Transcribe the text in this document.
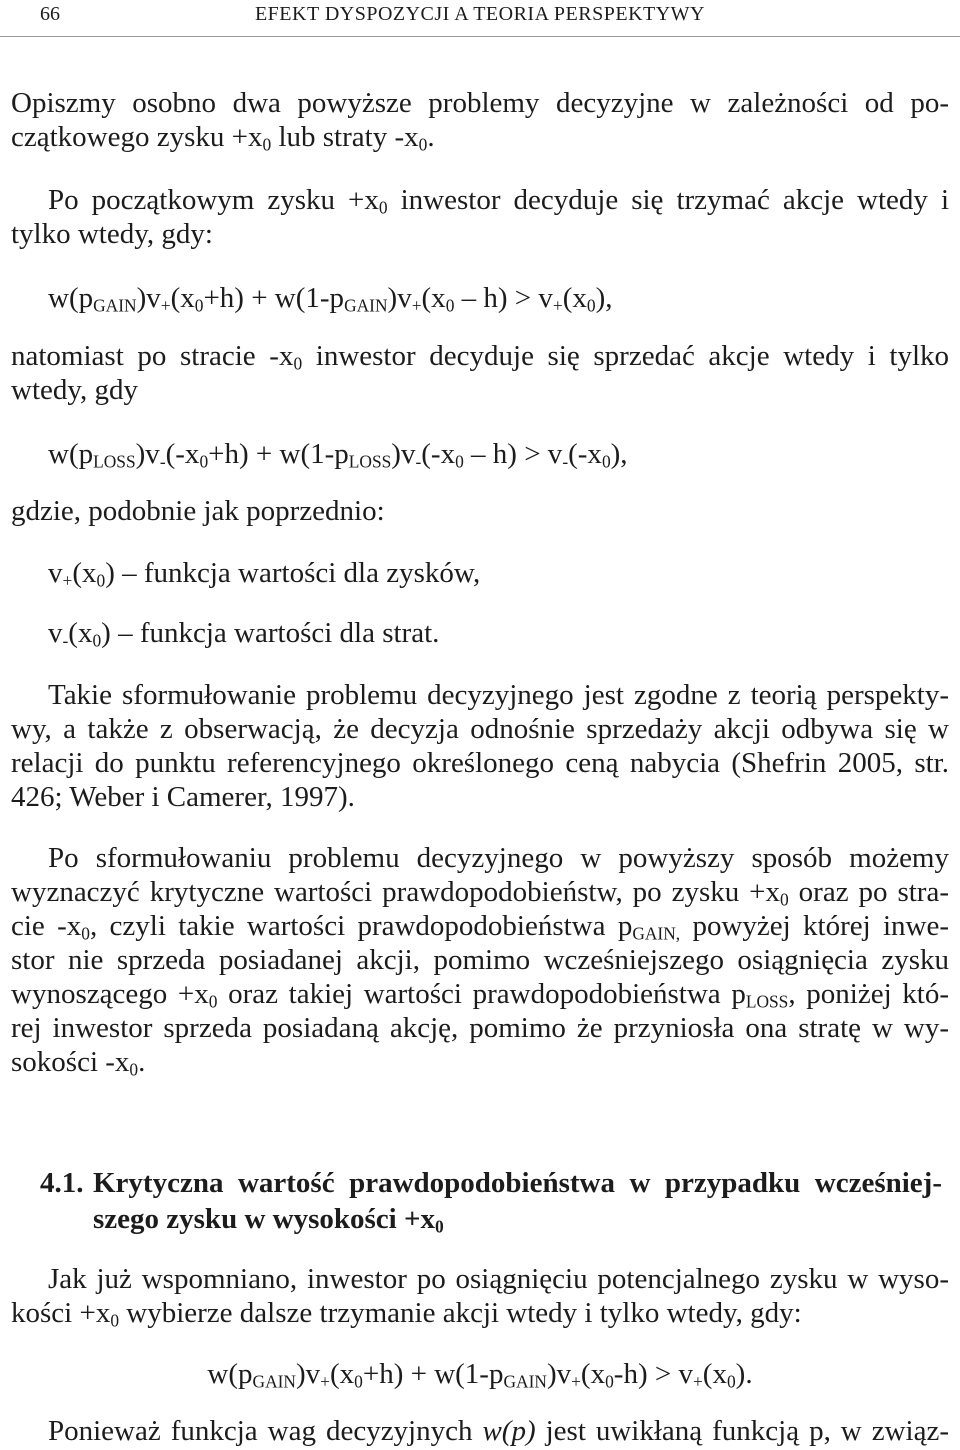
66	EFEKT DYSPOZYCJI A TEORIA PERSPEKTYWY
Opiszmy osobno dwa powyższe problemy decyzyjne w zależności od po-
czątkowego zysku $+x_0$ lub straty $-x_0$.
Po początkowym zysku $+x_0$ inwestor decyduje się trzymać akcje wtedy i
tylko wtedy, gdy:
$w(p_{GAIN})v_+(x_0+h) + w(1-p_{GAIN})v_+(x_0 - h) > v_+(x_0)$,
natomiast po stracie $-x_0$ inwestor decyduje się sprzedać akcje wtedy i tylko
wtedy, gdy
$w(p_{LOSS})v_-(-x_0+h) + w(1-p_{LOSS})v_-(-x_0 - h) > v_-(-x_0)$,
gdzie, podobnie jak poprzednio:
$v_+(x_0)$ – funkcja wartości dla zysków,
$v_-(x_0)$ – funkcja wartości dla strat.
Takie sformułowanie problemu decyzyjnego jest zgodne z teorią perspekty-
wy, a także z obserwacją, że decyzja odnośnie sprzedaży akcji odbywa się w
relacji do punktu referencyjnego określonego ceną nabycia (Shefrin 2005, str.
426; Weber i Camerer, 1997).
Po sformułowaniu problemu decyzyjnego w powyższy sposób możemy
wyznaczyć krytyczne wartości prawdopodobieństw, po zysku $+x_0$ oraz po stra-
cie $-x_0$, czyli takie wartości prawdopodobieństwa $p_{GAIN,}$ powyżej której inwe-
stor nie sprzeda posiadanej akcji, pomimo wcześniejszego osiągnięcia zysku
wynoszącego $+x_0$ oraz takiej wartości prawdopodobieństwa $p_{LOSS}$, poniżej któ-
rej inwestor sprzeda posiadaną akcję, pomimo że przyniosła ona stratę w wy-
sokości $-x_0$.
4.1. Krytyczna wartość prawdopodobieństwa w przypadku wcześniej-
szego zysku w wysokości $+x_0$
Jak już wspomniano, inwestor po osiągnięciu potencjalnego zysku w wyso-
kości $+x_0$ wybierze dalsze trzymanie akcji wtedy i tylko wtedy, gdy:
$w(p_{GAIN})v_+(x_0+h) + w(1-p_{GAIN})v_+(x_0-h) > v_+(x_0)$.
Ponieważ funkcja wag decyzyjnych w(p) jest uwikłaną funkcją p, w związ-
